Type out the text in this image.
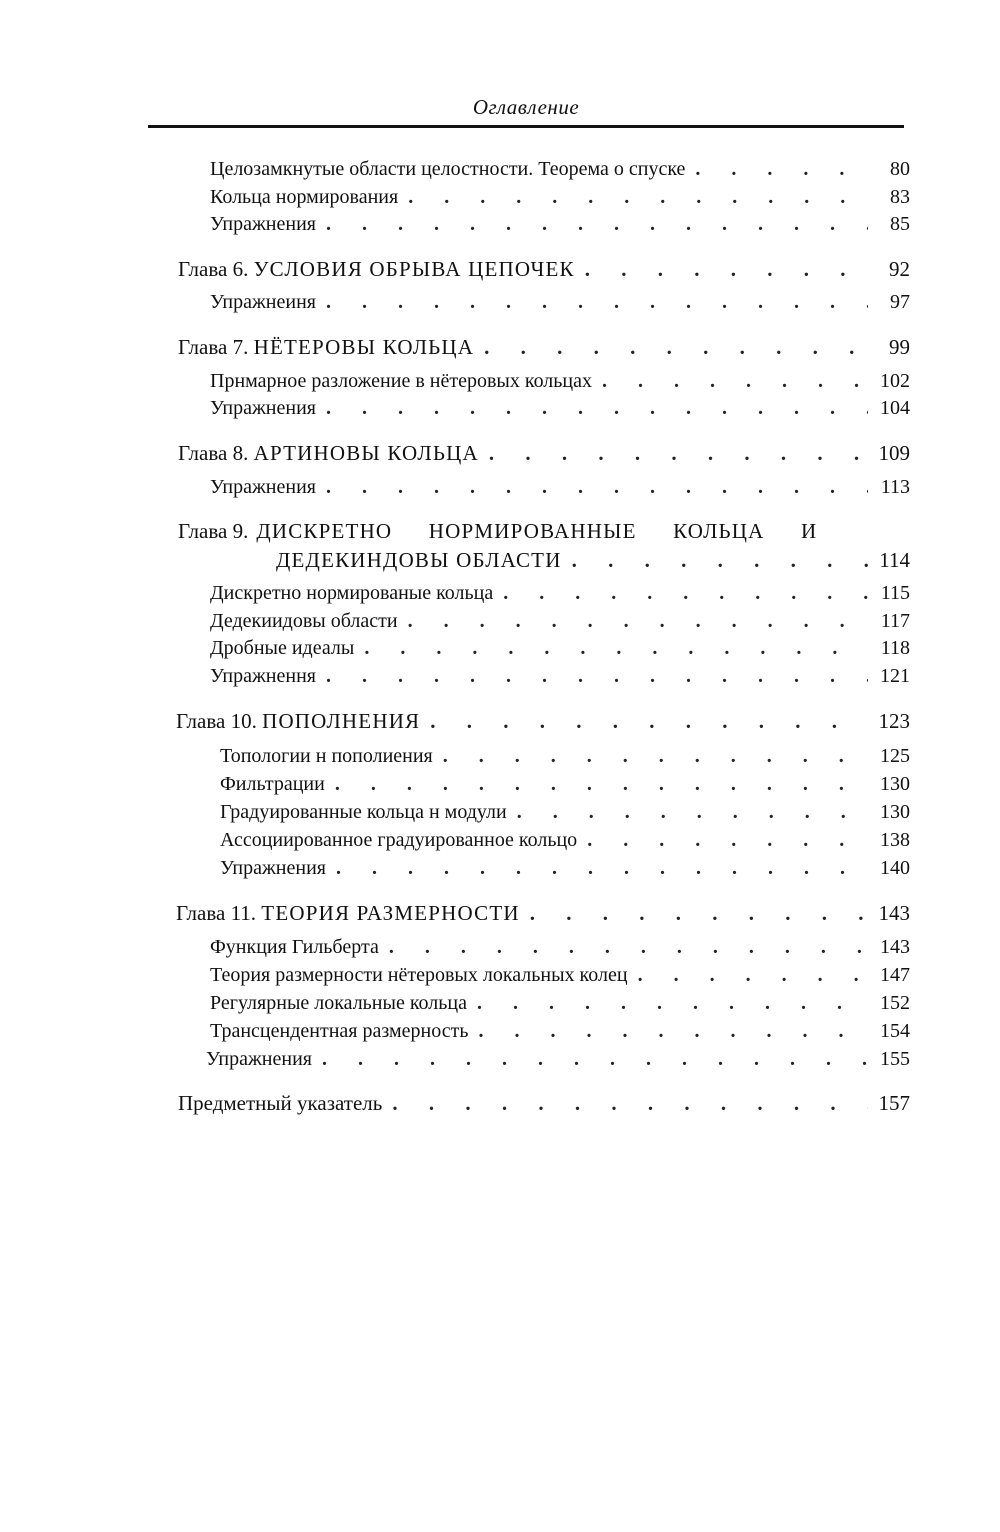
Оглавление
Целозамкнутые области целостности. Теорема о спуске . . .	80
Кольца нормирования . . .	83
Упражнения . . .	85
Глава 6. УСЛОВИЯ ОБРЫВА ЦЕПОЧЕК . . .	92
Упражнеиня . . .	97
Глава 7. НЁТЕРОВЫ КОЛЬЦА . . .	99
Прнмарное разложение в нётеровых кольцах . . .	102
Упражнения . . .	104
Глава 8. АРТИНОВЫ КОЛЬЦА . . .	109
Упражнения . . .	113
Глава 9. ДИСКРЕТНО НОРМИРОВАННЫЕ КОЛЬЦА И
ДЕДЕКИНДОВЫ ОБЛАСТИ . . .	114
Дискретно нормированые кольца . . .	115
Дедекиидовы области . . .	117
Дробные идеалы . . .	118
Упражнення . . .	121
Глава 10. ПОПОЛНЕНИЯ . . .	123
Топологии н пополиения . . .	125
Фильтрации . . .	130
Градуированные кольца н модули . . .	130
Ассоциированное градуированное кольцо . . .	138
Упражнения . . .	140
Глава 11. ТЕОРИЯ РАЗМЕРНОСТИ . . .	143
Функция Гильберта . . .	143
Теория размерности нётеровых локальных колец . . .	147
Регулярные локальные кольца . . .	152
Трансцендентная размерность . . .	154
Упражнения . . .	155
Предметный указатель . . .	157
